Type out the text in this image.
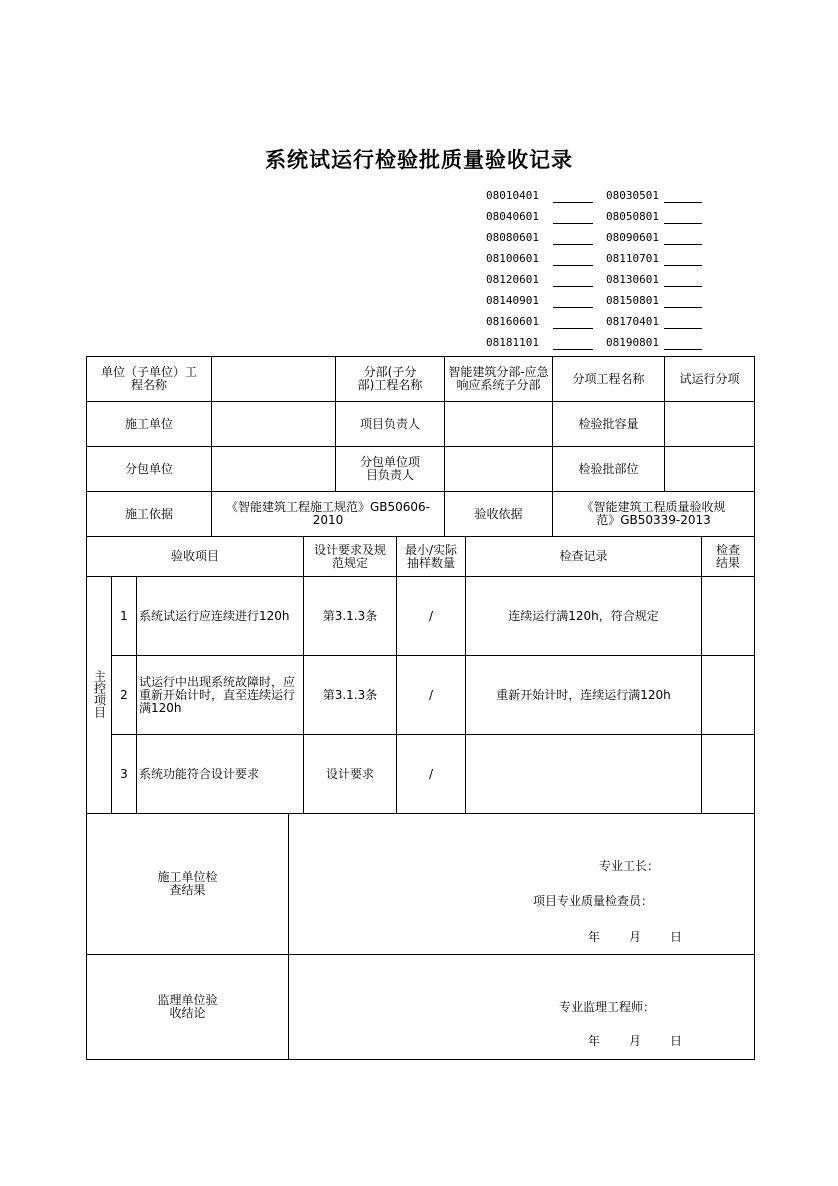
系统试运行检验批质量验收记录
08010401	08030501
08040601	08050801
08080601	08090601
08100601	08110701
08120601	08130601
08140901	08150801
08160601	08170401
08181101	08190801
单位（子单位）工程名称		分部(子分部)工程名称	智能建筑分部-应急响应系统子分部	分项工程名称	试运行分项
施工单位		项目负责人		检验批容量	
分包单位		分包单位项目负责人		检验批部位	
施工依据	《智能建筑工程施工规范》GB50606-2010		验收依据	《智能建筑工程质量验收规范》GB50339-2013	
验收项目			设计要求及规范规定	最小/实际抽样数量	检查记录	检查结果
主控项目	1	系统试运行应连续进行120h	第3.1.3条	/	连续运行满120h，符合规定	
	2	试运行中出现系统故障时，应重新开始计时，直至连续运行满120h	第3.1.3条	/	重新开始计时，连续运行满120h	
	3	系统功能符合设计要求	设计要求	/		
施工单位检查结果	专业工长：
项目专业质量检查员：
年 月 日

监理单位验收结论	专业监理工程师：
年 月 日
